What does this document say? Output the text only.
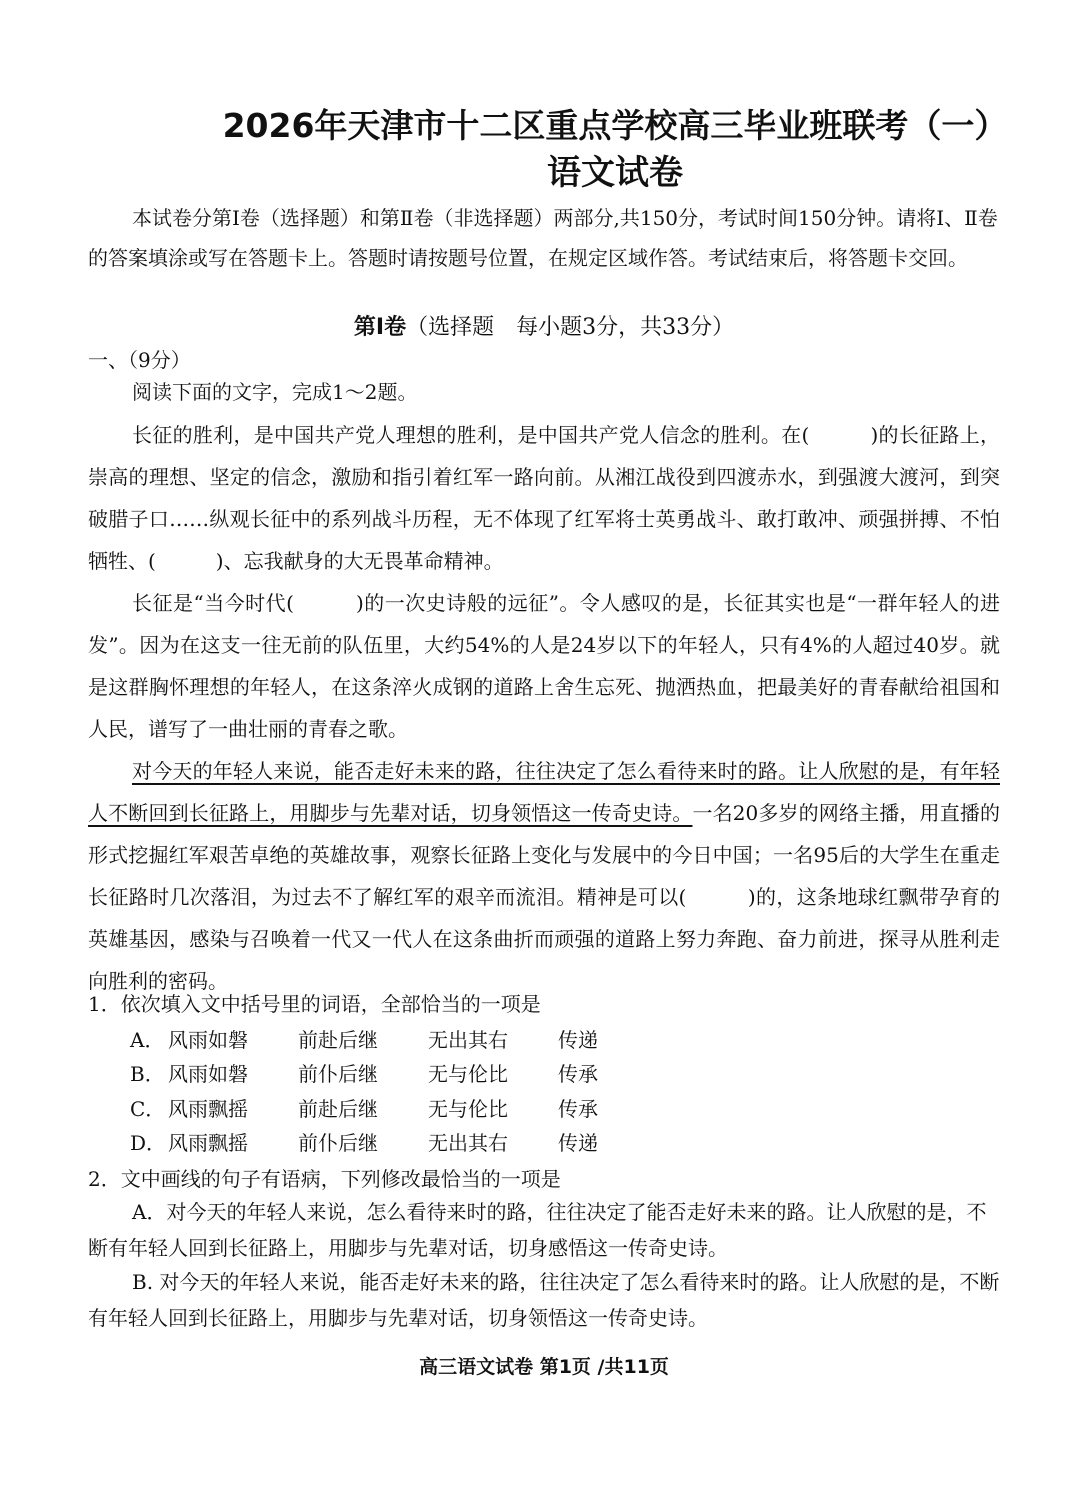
2026年天津市十二区重点学校高三毕业班联考（一）
语文试卷

本试卷分第Ⅰ卷（选择题）和第Ⅱ卷（非选择题）两部分,共150分，考试时间150分钟。请将Ⅰ、Ⅱ卷的答案填涂或写在答题卡上。答题时请按题号位置，在规定区域作答。考试结束后，将答题卡交回。

第Ⅰ卷（选择题　每小题3分，共33分）
一、（9分）
阅读下面的文字，完成1～2题。

长征的胜利，是中国共产党人理想的胜利，是中国共产党人信念的胜利。在(　　　)的长征路上，崇高的理想、坚定的信念，激励和指引着红军一路向前。从湘江战役到四渡赤水，到强渡大渡河，到突破腊子口……纵观长征中的系列战斗历程，无不体现了红军将士英勇战斗、敢打敢冲、顽强拼搏、不怕牺牲、(　　　)、忘我献身的大无畏革命精神。

长征是“当今时代(　　　)的一次史诗般的远征”。令人感叹的是，长征其实也是“一群年轻人的进发”。因为在这支一往无前的队伍里，大约54%的人是24岁以下的年轻人，只有4%的人超过40岁。就是这群胸怀理想的年轻人，在这条淬火成钢的道路上舍生忘死、抛洒热血，把最美好的青春献给祖国和人民，谱写了一曲壮丽的青春之歌。

对今天的年轻人来说，能否走好未来的路，往往决定了怎么看待来时的路。让人欣慰的是，有年轻人不断回到长征路上，用脚步与先辈对话，切身领悟这一传奇史诗。一名20多岁的网络主播，用直播的形式挖掘红军艰苦卓绝的英雄故事，观察长征路上变化与发展中的今日中国；一名95后的大学生在重走长征路时几次落泪，为过去不了解红军的艰辛而流泪。精神是可以(　　　)的，这条地球红飘带孕育的英雄基因，感染与召唤着一代又一代人在这条曲折而顽强的道路上努力奔跑、奋力前进，探寻从胜利走向胜利的密码。

1．依次填入文中括号里的词语，全部恰当的一项是
A． 风雨如磐	前赴后继	无出其右	传递
B． 风雨如磐	前仆后继	无与伦比	传承
C． 风雨飘摇	前赴后继	无与伦比	传承
D． 风雨飘摇	前仆后继	无出其右	传递
2．文中画线的句子有语病，下列修改最恰当的一项是

A．对今天的年轻人来说，怎么看待来时的路，往往决定了能否走好未来的路。让人欣慰的是，不断有年轻人回到长征路上，用脚步与先辈对话，切身感悟这一传奇史诗。

B. 对今天的年轻人来说，能否走好未来的路，往往决定了怎么看待来时的路。让人欣慰的是，不断有年轻人回到长征路上，用脚步与先辈对话，切身领悟这一传奇史诗。

高三语文试卷 第1页 /共11页
